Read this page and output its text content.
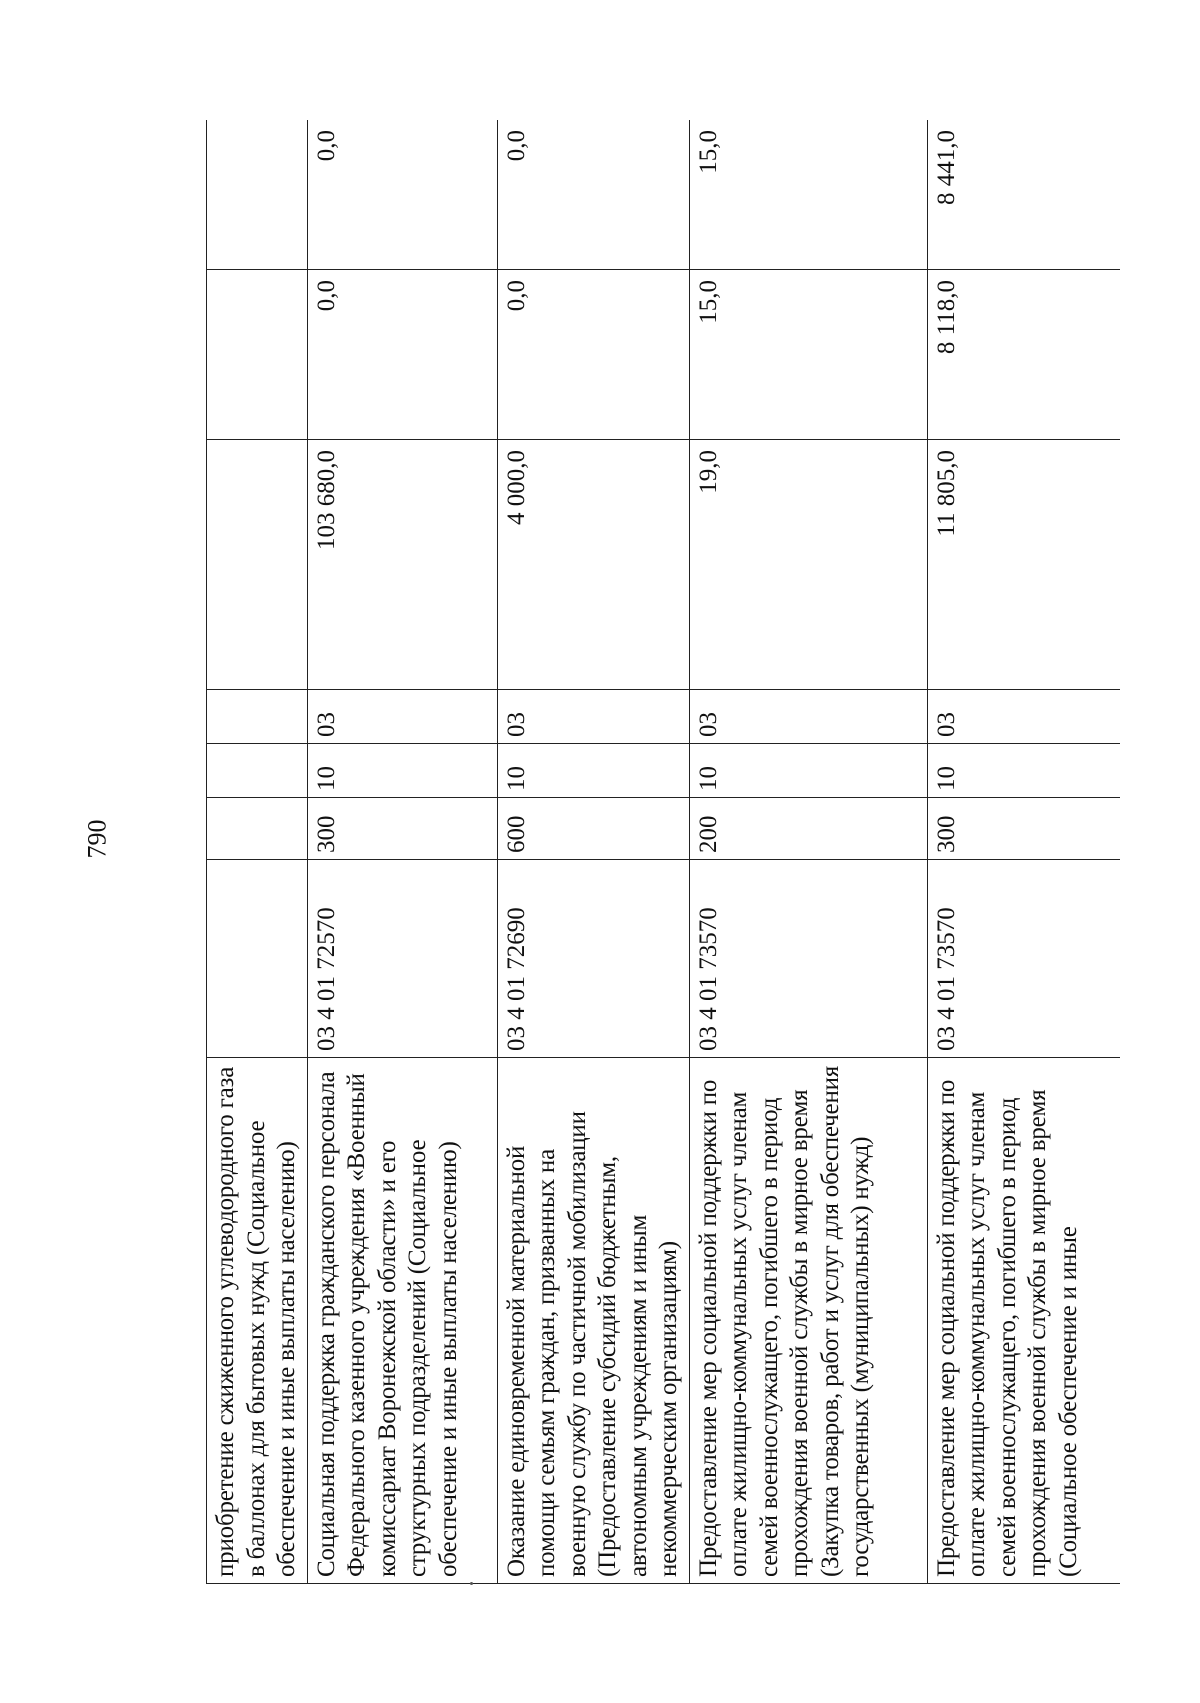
790
приобретение сжиженного углеводородного газа в баллонах для бытовых нужд (Социальное обеспечение и иные выплаты населению)							
Социальная поддержка гражданского персонала Федерального казенного учреждения «Военный комиссариат Воронежской области» и его структурных подразделений (Социальное обеспечение и иные выплаты населению)	03 4 01 72570	300	10	03	103 680,0	0,0	0,0
Оказание единовременной материальной помощи семьям граждан, призванных на военную службу по частичной мобилизации (Предоставление субсидий бюджетным, автономным учреждениям и иным некоммерческим организациям)	03 4 01 72690	600	10	03	4 000,0	0,0	0,0
Предоставление мер социальной поддержки по оплате жилищно-коммунальных услуг членам семей военнослужащего, погибшего в период прохождения военной службы в мирное время (Закупка товаров, работ и услуг для обеспечения государственных (муниципальных) нужд)	03 4 01 73570	200	10	03	19,0	15,0	15,0
Предоставление мер социальной поддержки по оплате жилищно-коммунальных услуг членам семей военнослужащего, погибшего в период прохождения военной службы в мирное время (Социальное обеспечение и иные	03 4 01 73570	300	10	03	11 805,0	8 118,0	8 441,0
